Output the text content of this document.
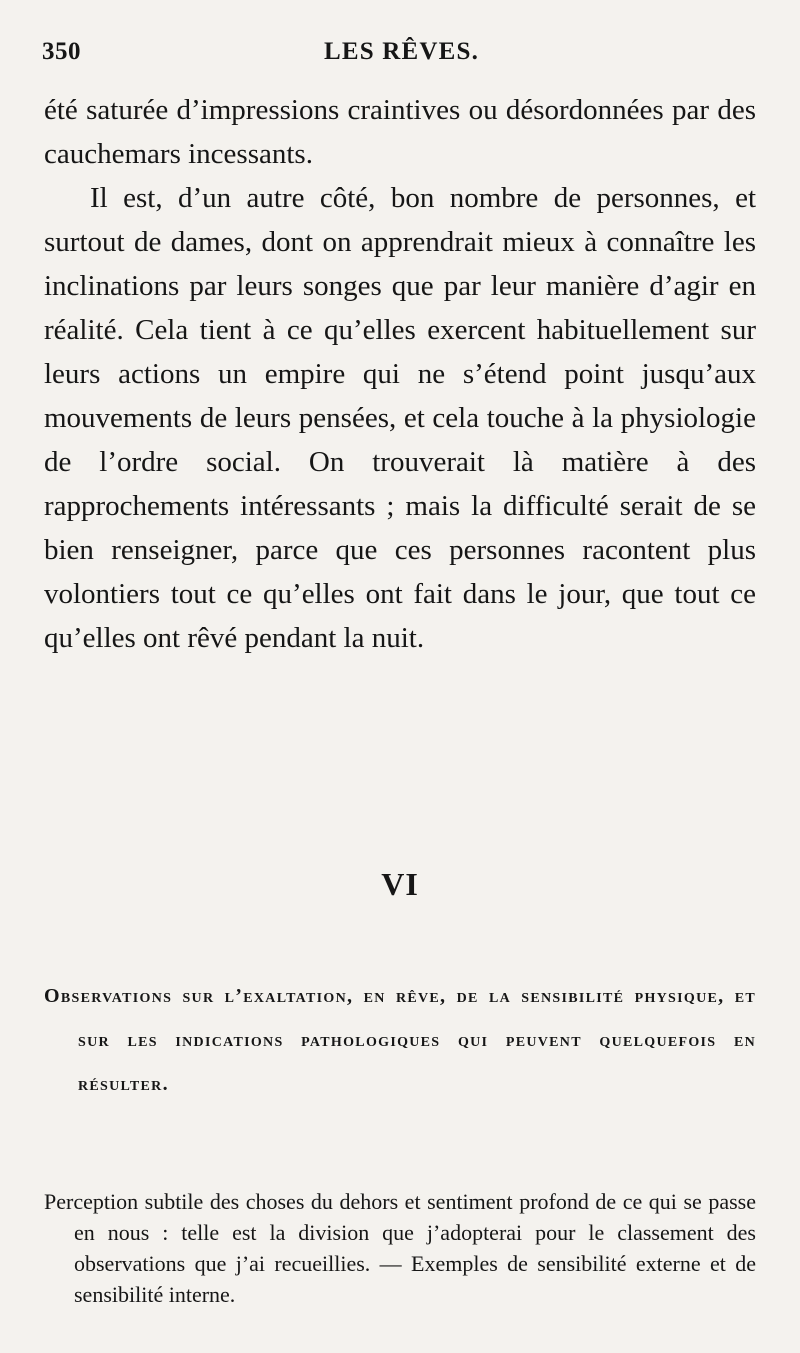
350	LES RÊVES.

été saturée d’impressions craintives ou désordonnées par des cauchemars incessants.

Il est, d’un autre côté, bon nombre de personnes, et surtout de dames, dont on apprendrait mieux à connaître les inclinations par leurs songes que par leur manière d’agir en réalité. Cela tient à ce qu’elles exercent habituellement sur leurs actions un empire qui ne s’étend point jusqu’aux mouvements de leurs pensées, et cela touche à la physiologie de l’ordre social. On trouverait là matière à des rapprochements intéressants ; mais la difficulté serait de se bien renseigner, parce que ces personnes racontent plus volontiers tout ce qu’elles ont fait dans le jour, que tout ce qu’elles ont rêvé pendant la nuit.

VI
Observations sur l’exaltation, en rêve, de la sensibilité physique, et sur les indications pathologiques qui peuvent quelquefois en résulter.
Perception subtile des choses du dehors et sentiment profond de ce qui se passe en nous : telle est la division que j’adopterai pour le classement des observations que j’ai recueillies. — Exemples de sensibilité externe et de sensibilité interne.
